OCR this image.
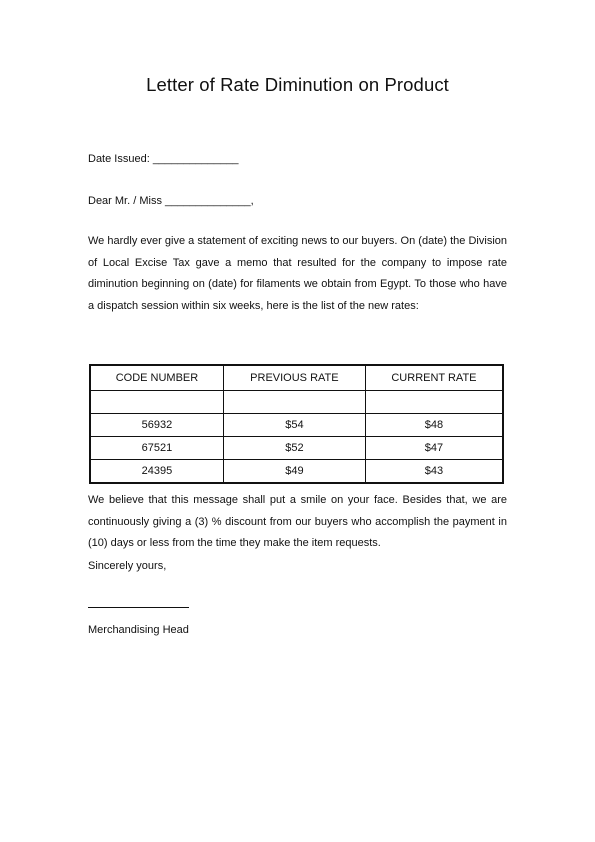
Letter of Rate Diminution on Product
Date Issued: ______________
Dear Mr. / Miss ______________,
We hardly ever give a statement of exciting news to our buyers. On (date) the Division of Local Excise Tax gave a memo that resulted for the company to impose rate diminution beginning on (date) for filaments we obtain from Egypt. To those who have a dispatch session within six weeks, here is the list of the new rates:
CODE NUMBER	PREVIOUS RATE	CURRENT RATE

56932	$54	$48
67521	$52	$47
24395	$49	$43
We believe that this message shall put a smile on your face. Besides that, we are continuously giving a (3) % discount from our buyers who accomplish the payment in (10) days or less from the time they make the item requests.
Sincerely yours,
Merchandising Head
